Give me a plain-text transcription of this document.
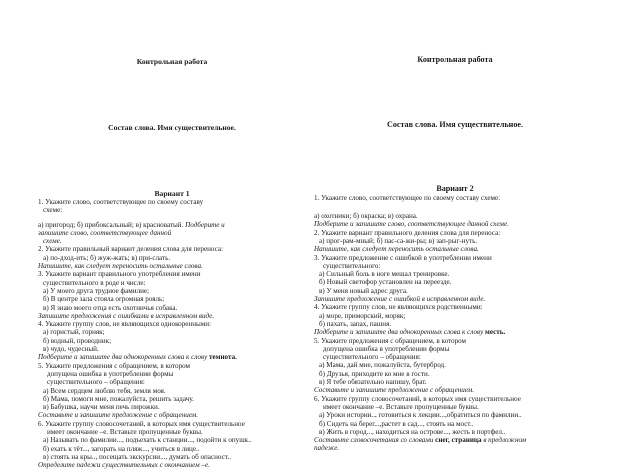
Контрольная работа
Состав слова. Имя существительное.
Вариант 1
1. Укажите слово, соответствующее по своему составу
схеме:
а) пригород; б) прибоксальный; в) красноватый. Подберите и
запишите слово, соответствующее данной
схеме.
2. Укажите правильный вариант деления слова для переноса:
а) по-дход-ить; б) жуж-жать; в) при-слать.
Напишите, как следует переносить остальные слова.
3. Укажите вариант правильного употребления имени
существительного в роде и числе:
а) У моего друга трудное фамилие;
б) В центре зала стояла огромная рояль;
в) Я знаю моего отца есть охотничья собака.
Запишите предложения с ошибками в исправленном виде.
4. Укажите группу слов, не являющихся однокоренными:
а) гористый, горняк;
б) водный, проводник;
в) чудо, чудесный.
Подберите и запишите два однокоренных слова к слову темнота.
5. Укажите предложения с обращением, в котором
допущена ошибка в употреблении формы
существительного – обращения:
а) Всем сердцем люблю тебя, земля моя.
б) Мама, помоги мне, пожалуйста, решить задачу.
в) Бабушка, научи меня печь пирожки.
Составьте и запишите предложение с обращением.
6. Укажите группу словосочетаний, в которых имя существительное
имеет окончание –е. Вставьте пропущенные буквы.
а) Называть по фамилии..., подъехать к станции..., подойти к опушк..
б) ехать к тёт..., загорать на пляж..., учиться в лице..
в) стоять на кры.., посещать экскурсии..., думать об опасност..
Определите падежи существительных с окончанием –е.
Контрольная работа
Состав слова. Имя существительное.
Вариант 2
1. Укажите слово, соответствующее по своему составу схеме:
а) охотники; б) окраска; в) охрана.
Подберите и запишите слово, соответствующее данной схеме.
2. Укажите вариант правильного деления слова для переноса:
а) прог-рам-мный; б) пас-са-жи-ры; в) зап-рыг-нуть.
Напишите, как следует переносить остальные слова.
3. Укажите предложение с ошибкой в употреблении имени
существительного:
а) Сильный боль в ноге мешал тренировке.
б) Новый светофор установлен на переезде.
в) У меня новый адрес друга.
Запишите предложение с ошибкой в исправленном виде.
4. Укажите группу слов, не являющихся родственными:
а) море, приморский, моряк;
б) пахать, запах, пашня.
Подберите и запишите два однокоренных слова к слову месть.
5. Укажите предложения с обращением, в котором
допущена ошибка в употреблении формы
существительного – обращения:
а) Мама, дай мне, пожалуйста, бутерброд.
б) Друзья, приходите ко мне в гости.
в) Я тебе обязательно напишу, брат.
Составьте и запишите предложение с обращением.
6. Укажите группу словосочетаний, в которых имя существительное
имеет окончание –е. Вставьте пропущенные буквы.
а) Уроки истории.., готовиться к лекции...,обратиться по фамилии..
б) Сидеть на берег...,растет в сад..., стоять на мост..
в) Жить в город..., находиться на острове..., жесть в портфел..
Составьте словосочетания со словами снег, страница в предложном
падеже.
